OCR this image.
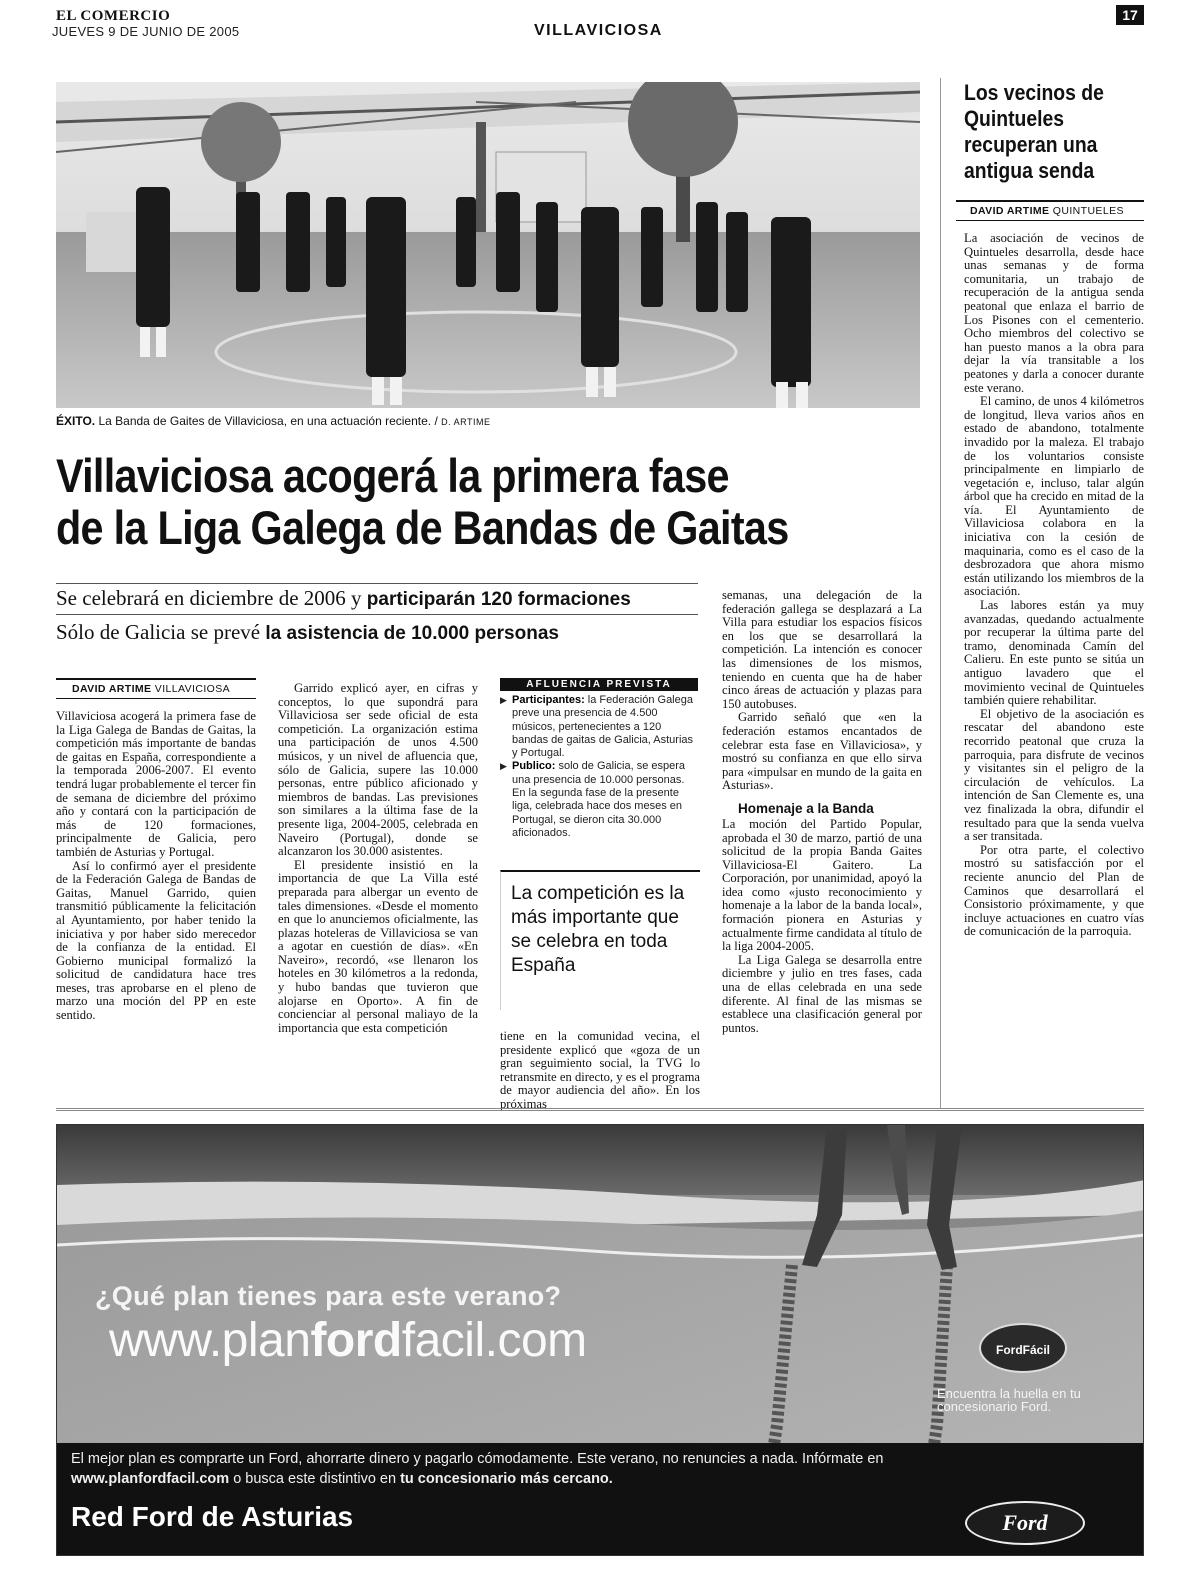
EL COMERCIO
JUEVES 9 DE JUNIO DE 2005	VILLAVICIOSA
17
ÉXITO. La Banda de Gaites de Villaviciosa, en una actuación reciente. / D. ARTIME
Villaviciosa acogerá la primera fase
de la Liga Galega de Bandas de Gaitas
Se celebrará en diciembre de 2006 y participarán 120 formaciones
Sólo de Galicia se prevé la asistencia de 10.000 personas
DAVID ARTIME VILLAVICIOSA

Villaviciosa acogerá la primera fase de la Liga Galega de Bandas de Gaitas, la competición más importante de bandas de gaitas en España, correspondiente a la temporada 2006-2007. El evento tendrá lugar probablemente el tercer fin de semana de diciembre del próximo año y contará con la participación de más de 120 formaciones, principalmente de Galicia, pero también de Asturias y Portugal.

Así lo confirmó ayer el presidente de la Federación Galega de Bandas de Gaitas, Manuel Garrido, quien transmitió públicamente la felicitación al Ayuntamiento, por haber tenido la iniciativa y por haber sido merecedor de la confianza de la entidad. El Gobierno municipal formalizó la solicitud de candidatura hace tres meses, tras aprobarse en el pleno de marzo una moción del PP en este sentido.

Garrido explicó ayer, en cifras y conceptos, lo que supondrá para Villaviciosa ser sede oficial de esta competición. La organización estima una participación de unos 4.500 músicos, y un nivel de afluencia que, sólo de Galicia, supere las 10.000 personas, entre público aficionado y miembros de bandas. Las previsiones son similares a la última fase de la presente liga, 2004-2005, celebrada en Naveiro (Portugal), donde se alcanzaron los 30.000 asistentes.

El presidente insistió en la importancia de que La Villa esté preparada para albergar un evento de tales dimensiones. «Desde el momento en que lo anunciemos oficialmente, las plazas hoteleras de Villaviciosa se van a agotar en cuestión de días». «En Naveiro», recordó, «se llenaron los hoteles en 30 kilómetros a la redonda, y hubo bandas que tuvieron que alojarse en Oporto». A fin de concienciar al personal maliayo de la importancia que esta competición

AFLUENCIA PREVISTA
▶ Participantes: la Federación Galega preve una presencia de 4.500 músicos, pertenecientes a 120 bandas de gaitas de Galicia, Asturias y Portugal.
▶ Publico: solo de Galicia, se espera una presencia de 10.000 personas. En la segunda fase de la presente liga, celebrada hace dos meses en Portugal, se dieron cita 30.000 aficionados.
La competición es la más importante que se celebra en toda España

tiene en la comunidad vecina, el presidente explicó que «goza de un gran seguimiento social, la TVG lo retransmite en directo, y es el programa de mayor audiencia del año». En los próximas

semanas, una delegación de la federación gallega se desplazará a La Villa para estudiar los espacios físicos en los que se desarrollará la competición. La intención es conocer las dimensiones de los mismos, teniendo en cuenta que ha de haber cinco áreas de actuación y plazas para 150 autobuses.

Garrido señaló que «en la federación estamos encantados de celebrar esta fase en Villaviciosa», y mostró su confianza en que ello sirva para «impulsar en mundo de la gaita en Asturias».

Homenaje a la Banda

La moción del Partido Popular, aprobada el 30 de marzo, partió de una solicitud de la propia Banda Gaites Villaviciosa-El Gaitero. La Corporación, por unanimidad, apoyó la idea como «justo reconocimiento y homenaje a la labor de la banda local», formación pionera en Asturias y actualmente firme candidata al título de la liga 2004-2005.

La Liga Galega se desarrolla entre diciembre y julio en tres fases, cada una de ellas celebrada en una sede diferente. Al final de las mismas se establece una clasificación general por puntos.

Los vecinos de Quintueles recuperan una antigua senda
DAVID ARTIME QUINTUELES

La asociación de vecinos de Quintueles desarrolla, desde hace unas semanas y de forma comunitaria, un trabajo de recuperación de la antigua senda peatonal que enlaza el barrio de Los Pisones con el cementerio. Ocho miembros del colectivo se han puesto manos a la obra para dejar la vía transitable a los peatones y darla a conocer durante este verano.

El camino, de unos 4 kilómetros de longitud, lleva varios años en estado de abandono, totalmente invadido por la maleza. El trabajo de los voluntarios consiste principalmente en limpiarlo de vegetación e, incluso, talar algún árbol que ha crecido en mitad de la vía. El Ayuntamiento de Villaviciosa colabora en la iniciativa con la cesión de maquinaria, como es el caso de la desbrozadora que ahora mismo están utilizando los miembros de la asociación.

Las labores están ya muy avanzadas, quedando actualmente por recuperar la última parte del tramo, denominada Camín del Calieru. En este punto se sitúa un antiguo lavadero que el movimiento vecinal de Quintueles también quiere rehabilitar.

El objetivo de la asociación es rescatar del abandono este recorrido peatonal que cruza la parroquia, para disfrute de vecinos y visitantes sin el peligro de la circulación de vehículos. La intención de San Clemente es, una vez finalizada la obra, difundir el resultado para que la senda vuelva a ser transitada.

Por otra parte, el colectivo mostró su satisfacción por el reciente anuncio del Plan de Caminos que desarrollará el Consistorio próximamente, y que incluye actuaciones en cuatro vías de comunicación de la parroquia.

¿Qué plan tienes para este verano?
www.planfordfacil.com	FordFácil
Encuentra la huella en tu concesionario Ford.
El mejor plan es comprarte un Ford, ahorrarte dinero y pagarlo cómodamente. Este verano, no renuncies a nada. Infórmate en
www.planfordfacil.com o busca este distintivo en tu concesionario más cercano.
Red Ford de Asturias	Ford
